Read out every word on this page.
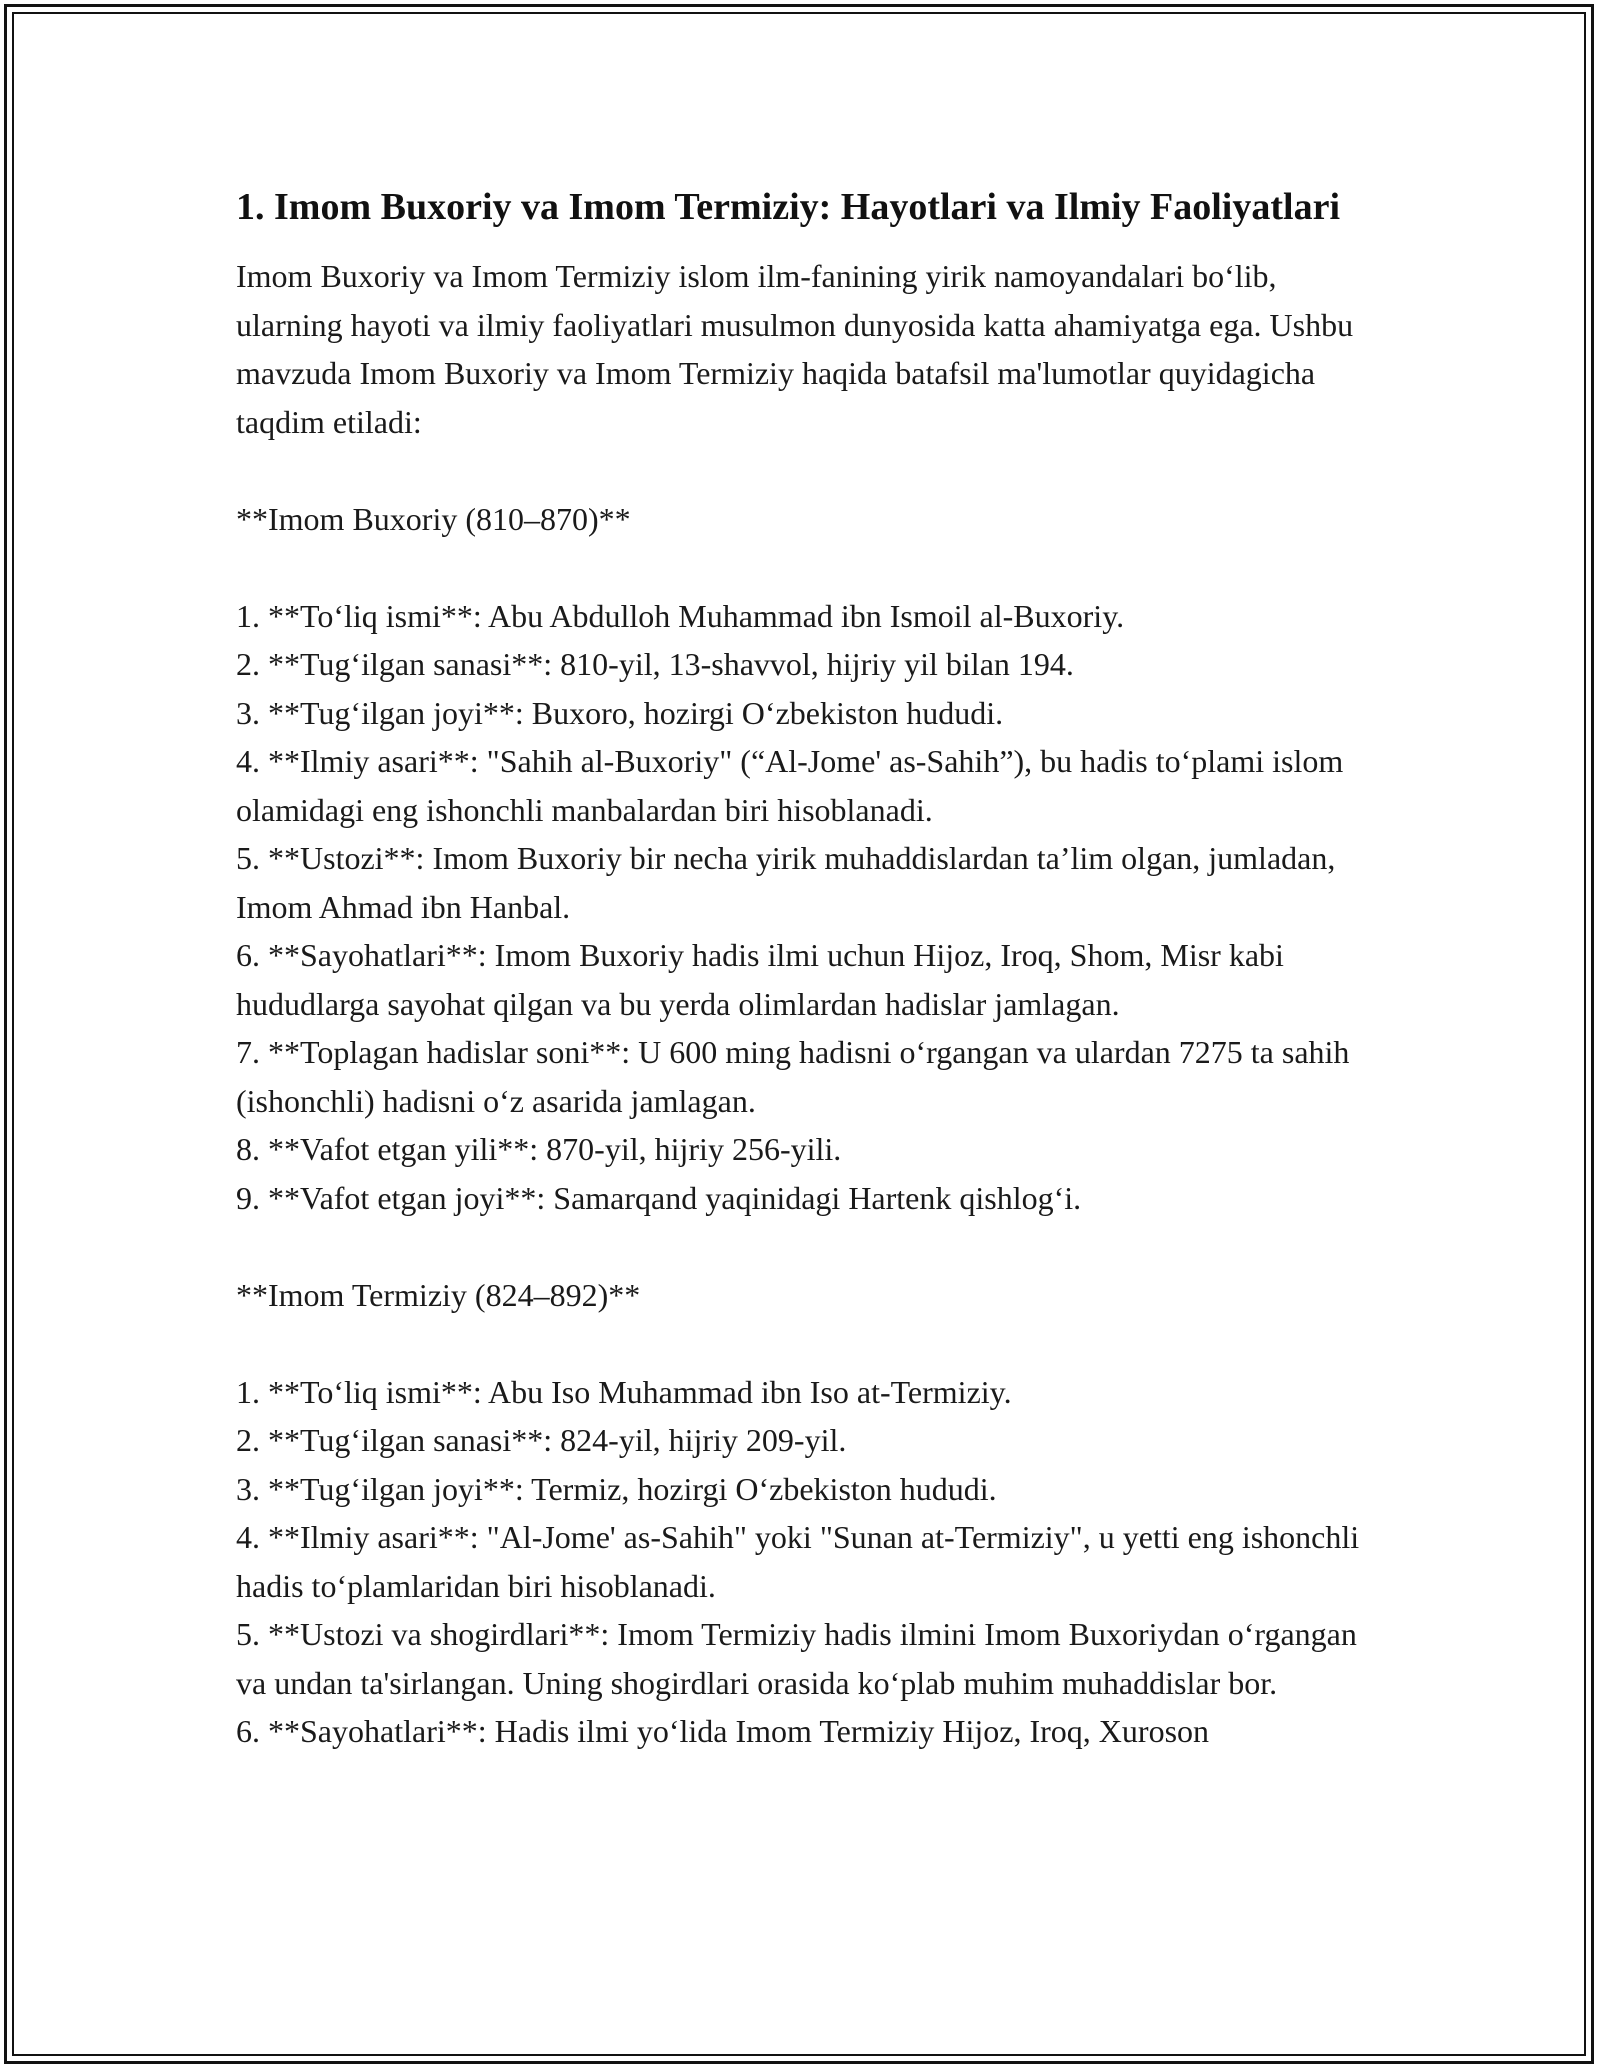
1. Imom Buxoriy va Imom Termiziy: Hayotlari va Ilmiy Faoliyatlari

Imom Buxoriy va Imom Termiziy islom ilm-fanining yirik namoyandalari bo‘lib, ularning hayoti va ilmiy faoliyatlari musulmon dunyosida katta ahamiyatga ega. Ushbu mavzuda Imom Buxoriy va Imom Termiziy haqida batafsil ma'lumotlar quyidagicha taqdim etiladi:

**Imom Buxoriy (810–870)**

1. **To‘liq ismi**: Abu Abdulloh Muhammad ibn Ismoil al-Buxoriy.

2. **Tug‘ilgan sanasi**: 810-yil, 13-shavvol, hijriy yil bilan 194.

3. **Tug‘ilgan joyi**: Buxoro, hozirgi O‘zbekiston hududi.

4. **Ilmiy asari**: "Sahih al-Buxoriy" (“Al-Jome' as-Sahih”), bu hadis to‘plami islom olamidagi eng ishonchli manbalardan biri hisoblanadi.

5. **Ustozi**: Imom Buxoriy bir necha yirik muhaddislardan ta’lim olgan, jumladan, Imom Ahmad ibn Hanbal.

6. **Sayohatlari**: Imom Buxoriy hadis ilmi uchun Hijoz, Iroq, Shom, Misr kabi hududlarga sayohat qilgan va bu yerda olimlardan hadislar jamlagan.

7. **Toplagan hadislar soni**: U 600 ming hadisni o‘rgangan va ulardan 7275 ta sahih (ishonchli) hadisni o‘z asarida jamlagan.

8. **Vafot etgan yili**: 870-yil, hijriy 256-yili.

9. **Vafot etgan joyi**: Samarqand yaqinidagi Hartenk qishlog‘i.

**Imom Termiziy (824–892)**

1. **To‘liq ismi**: Abu Iso Muhammad ibn Iso at-Termiziy.

2. **Tug‘ilgan sanasi**: 824-yil, hijriy 209-yil.

3. **Tug‘ilgan joyi**: Termiz, hozirgi O‘zbekiston hududi.

4. **Ilmiy asari**: "Al-Jome' as-Sahih" yoki "Sunan at-Termiziy", u yetti eng ishonchli hadis to‘plamlaridan biri hisoblanadi.

5. **Ustozi va shogirdlari**: Imom Termiziy hadis ilmini Imom Buxoriydan o‘rgangan va undan ta'sirlangan. Uning shogirdlari orasida ko‘plab muhim muhaddislar bor.

6. **Sayohatlari**: Hadis ilmi yo‘lida Imom Termiziy Hijoz, Iroq, Xuroson
